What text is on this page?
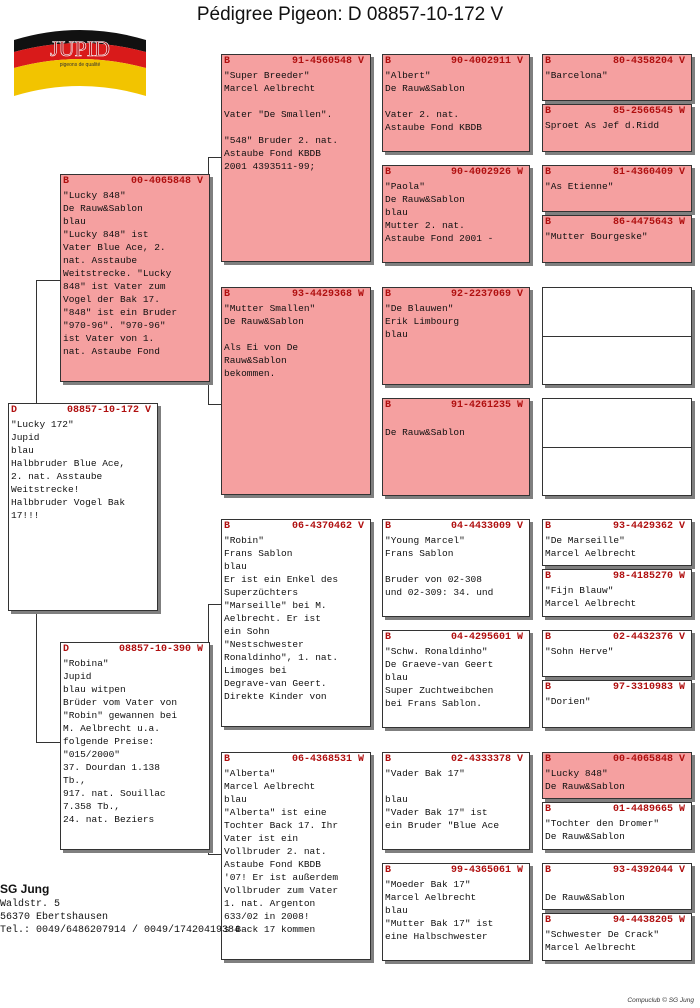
Pédigree Pigeon: D 08857-10-172 V
JUPID
pigeons de qualité
D	08857-10-172 V
"Lucky 172"
Jupid
blau
Halbbruder Blue Ace,
2. nat. Asstaube
Weitstrecke!
Halbbruder Vogel Bak
17!!!
B	00-4065848 V
"Lucky 848"
De Rauw&Sablon
blau
"Lucky 848" ist
Vater Blue Ace, 2.
nat. Asstaube
Weitstrecke. "Lucky
848" ist Vater zum
Vogel der Bak 17.
"848" ist ein Bruder
"970-96". "970-96"
ist Vater von 1.
nat. Astaube Fond
D	08857-10-390 W
"Robina"
Jupid
blau witpen
Brüder vom Vater von
"Robin" gewannen bei
M. Aelbrecht u.a.
folgende Preise:
"015/2000"
37. Dourdan 1.138
Tb.,
917. nat. Souillac
7.358 Tb.,
24. nat. Beziers
B	91-4560548 V
"Super Breeder"
Marcel Aelbrecht

Vater "De Smallen".

"548" Bruder 2. nat.
Astaube Fond KBDB
2001 4393511-99;
B	93-4429368 W
"Mutter Smallen"
De Rauw&Sablon

Als Ei von De
Rauw&Sablon
bekommen.
B	06-4370462 V
"Robin"
Frans Sablon
blau
Er ist ein Enkel des
Superzüchters
"Marseille" bei M.
Aelbrecht. Er ist
ein Sohn
"Nestschwester
Ronaldinho", 1. nat.
Limoges bei
Degrave-van Geert.
Direkte Kinder von
B	06-4368531 W
"Alberta"
Marcel Aelbrecht
blau
"Alberta" ist eine
Tochter Back 17. Ihr
Vater ist ein
Vollbruder 2. nat.
Astaube Fond KBDB
'07! Er ist außerdem
Vollbruder zum Vater
1. nat. Argenton
633/02 in 2008!
s Back 17 kommen
B	90-4002911 V
"Albert"
De Rauw&Sablon

Vater 2. nat.
Astaube Fond KBDB
B	90-4002926 W
"Paola"
De Rauw&Sablon
blau
Mutter 2. nat.
Astaube Fond 2001 -
B	92-2237069 V
"De Blauwen"
Erik Limbourg
blau
B	91-4261235 W

De Rauw&Sablon
B	04-4433009 V
"Young Marcel"
Frans Sablon

Bruder von 02-308
und 02-309: 34. und
B	04-4295601 W
"Schw. Ronaldinho"
De Graeve-van Geert
blau
Super Zuchtweibchen
bei Frans Sablon.
B	02-4333378 V
"Vader Bak 17"

blau
"Vader Bak 17" ist
ein Bruder "Blue Ace
B	99-4365061 W
"Moeder Bak 17"
Marcel Aelbrecht
blau
"Mutter Bak 17" ist
eine Halbschwester
B	80-4358204 V
"Barcelona"
B	85-2566545 W
Sproet As Jef d.Ridd
B	81-4360409 V
"As Etienne"
B	86-4475643 W
"Mutter Bourgeske"
B	93-4429362 V
"De Marseille"
Marcel Aelbrecht
B	98-4185270 W
"Fijn Blauw"
Marcel Aelbrecht
B	02-4432376 V
"Sohn Herve"
B	97-3310983 W
"Dorien"
B	00-4065848 V
"Lucky 848"
De Rauw&Sablon
B	01-4489665 W
"Tochter den Dromer"
De Rauw&Sablon
B	93-4392044 V

De Rauw&Sablon
B	94-4438205 W
"Schwester De Crack"
Marcel Aelbrecht
SG Jung
Waldstr. 5
56370 Ebertshausen
Tel.: 0049/6486207914 / 0049/17420419384
Compuclub © SG Jung
